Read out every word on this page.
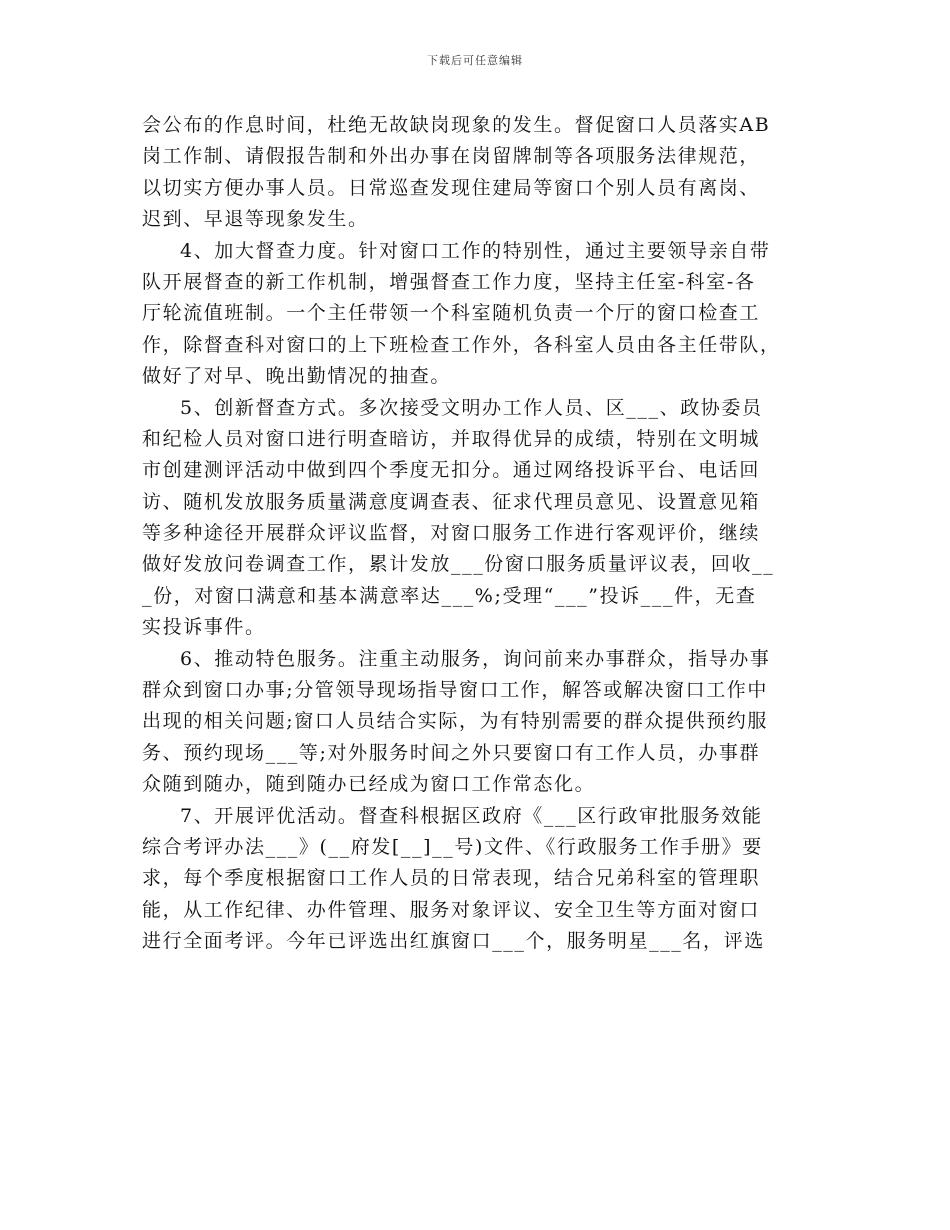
下载后可任意编辑
会公布的作息时间，杜绝无故缺岗现象的发生。督促窗口人员落实AB
岗工作制、请假报告制和外出办事在岗留牌制等各项服务法律规范，
以切实方便办事人员。日常巡查发现住建局等窗口个别人员有离岗、
迟到、早退等现象发生。
4、加大督查力度。针对窗口工作的特别性，通过主要领导亲自带
队开展督查的新工作机制，增强督查工作力度，坚持主任室-科室-各
厅轮流值班制。一个主任带领一个科室随机负责一个厅的窗口检查工
作，除督查科对窗口的上下班检查工作外，各科室人员由各主任带队，
做好了对早、晚出勤情况的抽查。
5、创新督查方式。多次接受文明办工作人员、区___、政协委员
和纪检人员对窗口进行明查暗访，并取得优异的成绩，特别在文明城
市创建测评活动中做到四个季度无扣分。通过网络投诉平台、电话回
访、随机发放服务质量满意度调查表、征求代理员意见、设置意见箱
等多种途径开展群众评议监督，对窗口服务工作进行客观评价，继续
做好发放问卷调查工作，累计发放___份窗口服务质量评议表，回收__
_份，对窗口满意和基本满意率达___%;受理“___”投诉___件，无查
实投诉事件。
6、推动特色服务。注重主动服务，询问前来办事群众，指导办事
群众到窗口办事;分管领导现场指导窗口工作，解答或解决窗口工作中
出现的相关问题;窗口人员结合实际，为有特别需要的群众提供预约服
务、预约现场___等;对外服务时间之外只要窗口有工作人员，办事群
众随到随办，随到随办已经成为窗口工作常态化。
7、开展评优活动。督查科根据区政府《___区行政审批服务效能
综合考评办法___》(__府发[__]__号)文件、《行政服务工作手册》要
求，每个季度根据窗口工作人员的日常表现，结合兄弟科室的管理职
能，从工作纪律、办件管理、服务对象评议、安全卫生等方面对窗口
进行全面考评。今年已评选出红旗窗口___个，服务明星___名，评选
